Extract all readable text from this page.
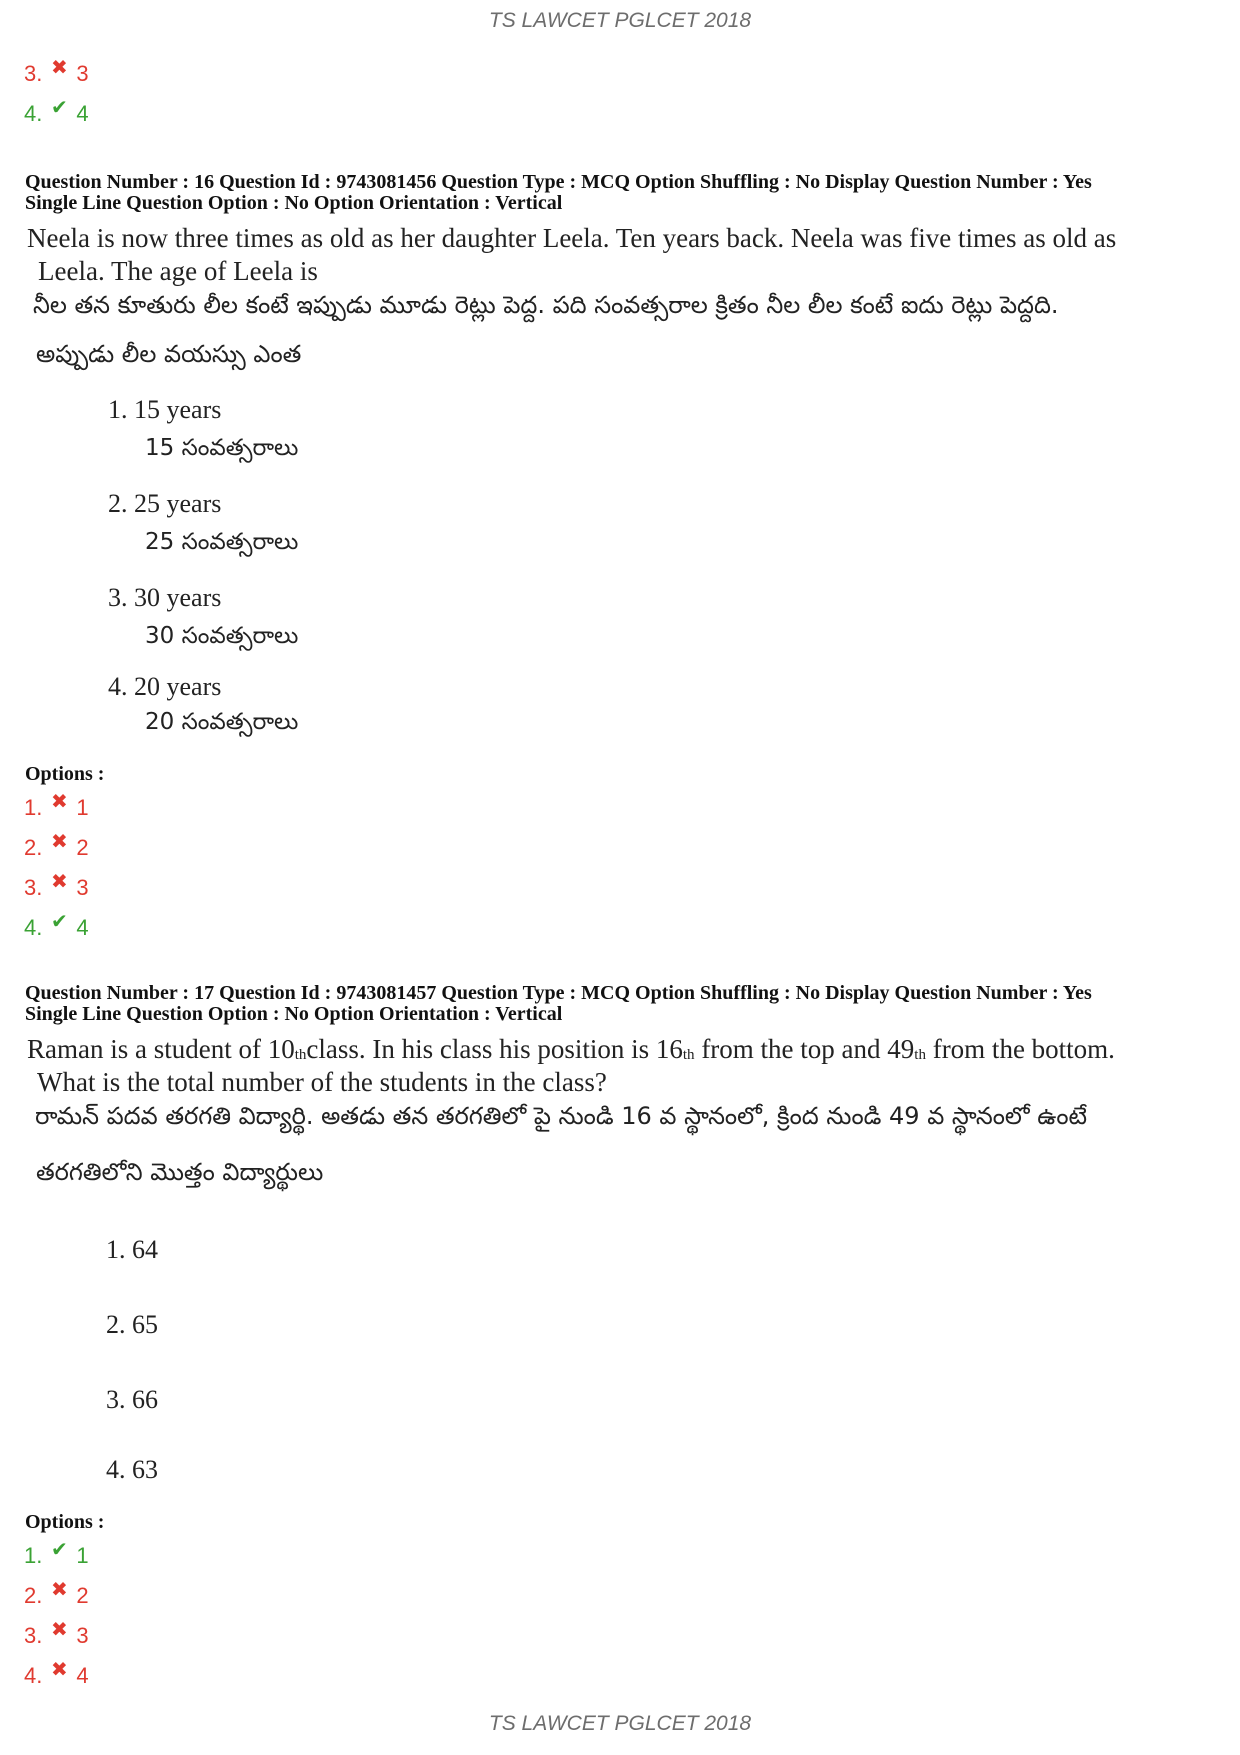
TS LAWCET PGLCET 2018
3. ✖ 3
4. ✔ 4
Question Number : 16 Question Id : 9743081456 Question Type : MCQ Option Shuffling : No Display Question Number : Yes
Single Line Question Option : No Option Orientation : Vertical
Neela is now three times as old as her daughter Leela. Ten years back. Neela was five times as old as
Leela. The age of Leela is
నీల తన కూతురు లీల కంటే ఇప్పుడు మూడు రెట్లు పెద్ద. పది సంవత్సరాల క్రితం నీల లీల కంటే ఐదు రెట్లు పెద్దది.
అప్పుడు లీల వయస్సు ఎంత
1. 15 years
15 సంవత్సరాలు
2. 25 years
25 సంవత్సరాలు
3. 30 years
30 సంవత్సరాలు
4. 20 years
20 సంవత్సరాలు
Options :
1. ✖ 1
2. ✖ 2
3. ✖ 3
4. ✔ 4
Question Number : 17 Question Id : 9743081457 Question Type : MCQ Option Shuffling : No Display Question Number : Yes
Single Line Question Option : No Option Orientation : Vertical
Raman is a student of $10_{th}class$. In his class his position is $16_{th}$ from the top and $49_{th}$ from the bottom.
What is the total number of the students in the class?
రామన్ పదవ తరగతి విద్యార్థి. అతడు తన తరగతిలో పై నుండి 16 వ స్థానంలో, క్రింద నుండి 49 వ స్థానంలో ఉంటే
తరగతిలోని మొత్తం విద్యార్థులు
1. 64
2. 65
3. 66
4. 63
Options :
1. ✔ 1
2. ✖ 2
3. ✖ 3
4. ✖ 4
TS LAWCET PGLCET 2018
